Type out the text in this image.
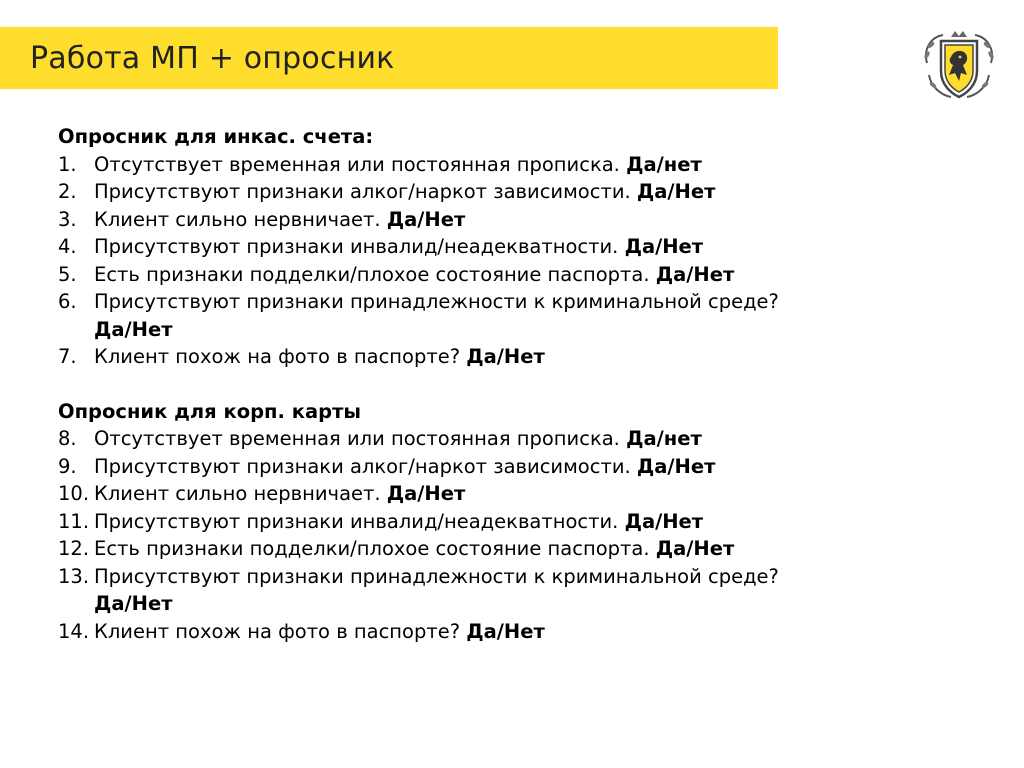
Работа МП + опросник

Опросник для инкас. счета:

1. Отсутствует временная или постоянная прописка. Да/нет
2. Присутствуют признаки алког/наркот зависимости. Да/Нет
3. Клиент сильно нервничает. Да/Нет
4. Присутствуют признаки инвалид/неадекватности. Да/Нет
5. Есть признаки подделки/плохое состояние паспорта. Да/Нет
6. Присутствуют признаки принадлежности к криминальной среде?
Да/Нет
7. Клиент похож на фото в паспорте? Да/Нет

Опросник для корп. карты

8. Отсутствует временная или постоянная прописка. Да/нет
9. Присутствуют признаки алког/наркот зависимости. Да/Нет
10. Клиент сильно нервничает. Да/Нет
11. Присутствуют признаки инвалид/неадекватности. Да/Нет
12. Есть признаки подделки/плохое состояние паспорта. Да/Нет
13. Присутствуют признаки принадлежности к криминальной среде?
Да/Нет
14. Клиент похож на фото в паспорте? Да/Нет
